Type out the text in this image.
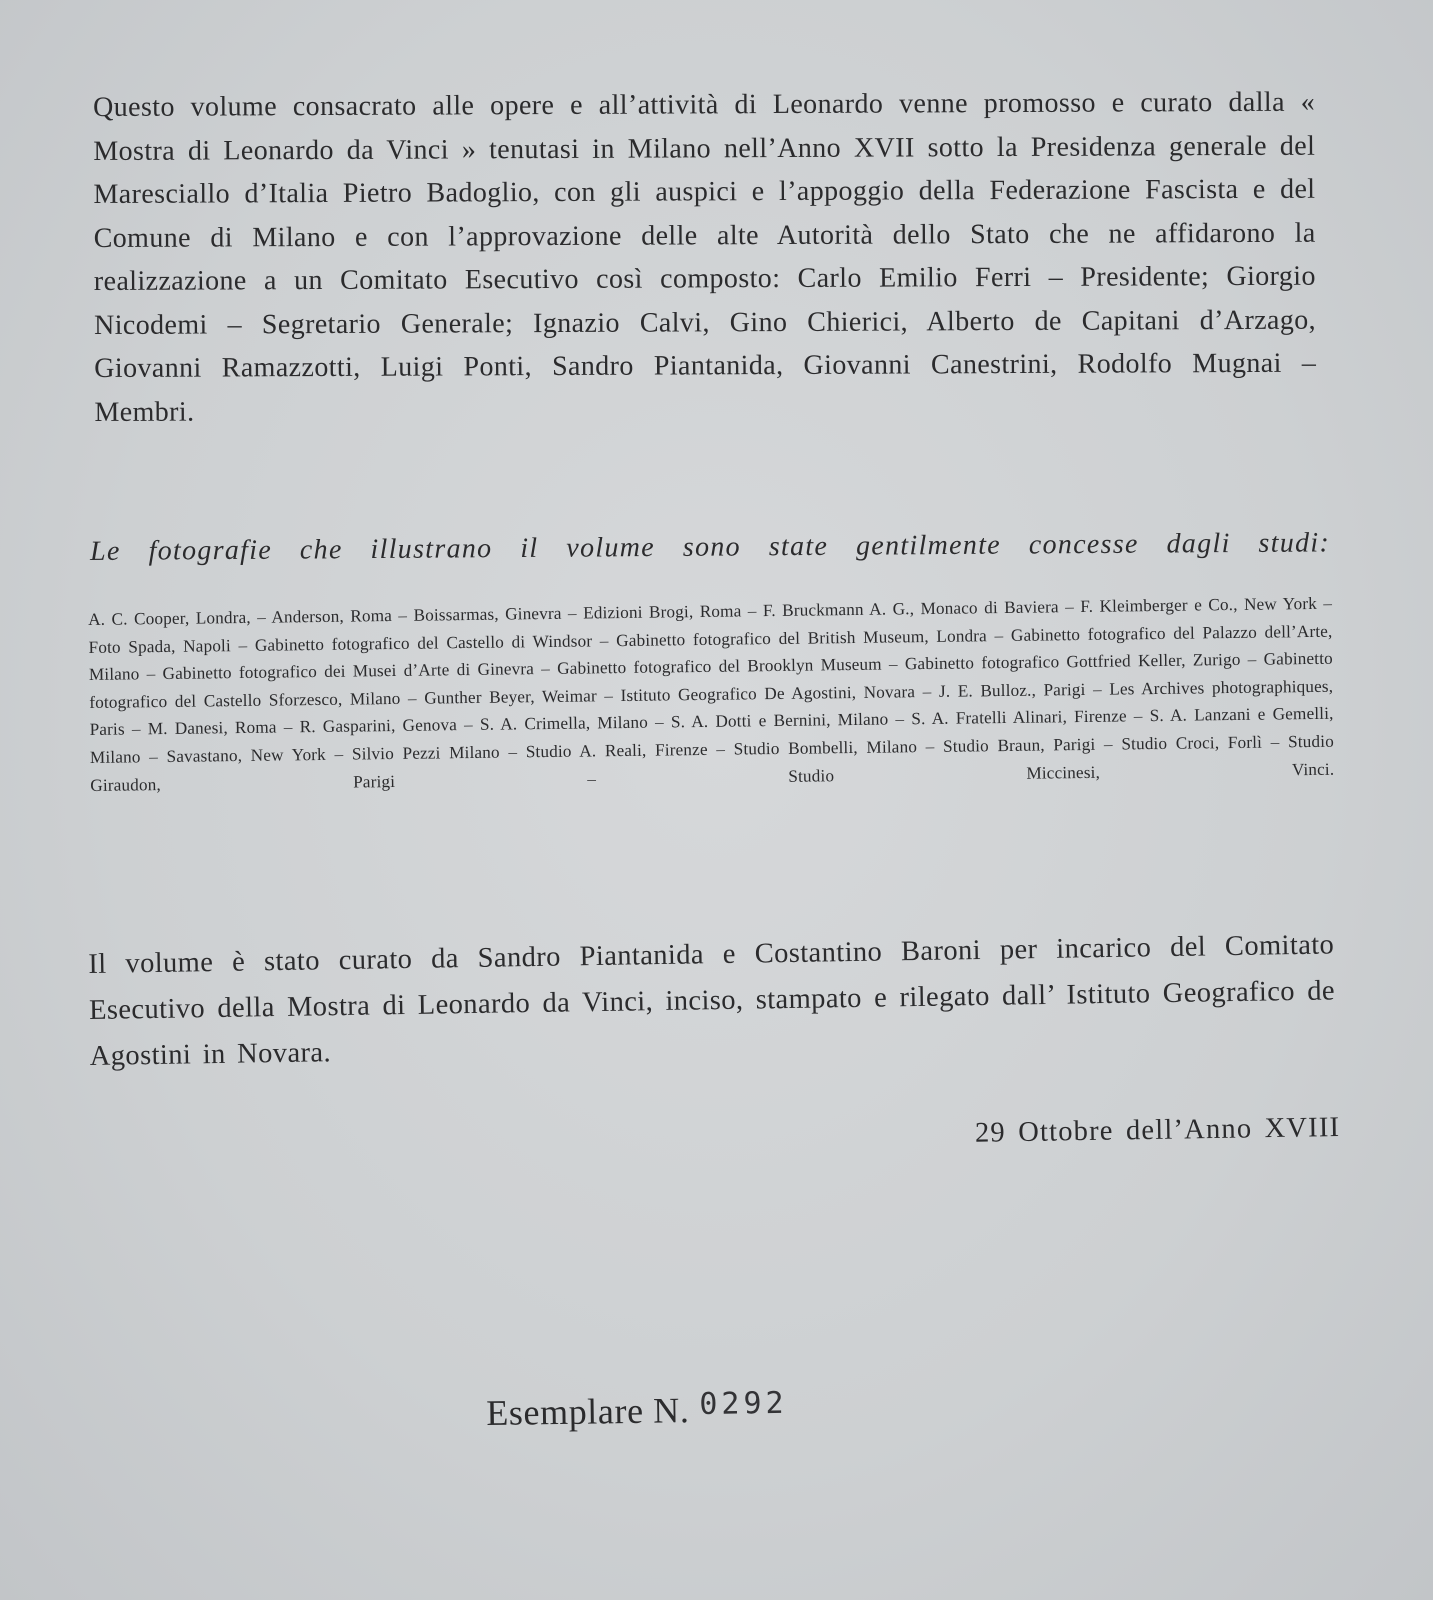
Questo volume consacrato alle opere e all’attività di Leonardo venne promosso e curato dalla « Mostra di Leonardo da Vinci » tenutasi in Milano nell’Anno XVII sotto la Presidenza generale del Maresciallo d’Italia Pietro Badoglio, con gli auspici e l’appoggio della Federazione Fascista e del Comune di Milano e con l’approvazione delle alte Autorità dello Stato che ne affidarono la realizzazione a un Comitato Esecutivo così composto: Carlo Emilio Ferri – Presidente; Giorgio Nicodemi – Segretario Generale; Ignazio Calvi, Gino Chierici, Alberto de Capitani d’Arzago, Giovanni Ramazzotti, Luigi Ponti, Sandro Piantanida, Giovanni Canestrini, Rodolfo Mugnai – Membri.

Le fotografie che illustrano il volume sono state gentilmente concesse dagli studi:

A. C. Cooper, Londra, – Anderson, Roma – Boissarmas, Ginevra – Edizioni Brogi, Roma – F. Bruckmann A. G., Monaco di Baviera – F. Kleimberger e Co., New York – Foto Spada, Napoli – Gabinetto fotografico del Castello di Windsor – Gabinetto fotografico del British Museum, Londra – Gabinetto fotografico del Palazzo dell’Arte, Milano – Gabinetto fotografico dei Musei d’Arte di Ginevra – Gabinetto fotografico del Brooklyn Museum – Gabinetto fotografico Gottfried Keller, Zurigo – Gabinetto fotografico del Castello Sforzesco, Milano – Gunther Beyer, Weimar – Istituto Geografico De Agostini, Novara – J. E. Bulloz., Parigi – Les Archives photographiques, Paris – M. Danesi, Roma – R. Gasparini, Genova – S. A. Crimella, Milano – S. A. Dotti e Bernini, Milano – S. A. Fratelli Alinari, Firenze – S. A. Lanzani e Gemelli, Milano – Savastano, New York – Silvio Pezzi Milano – Studio A. Reali, Firenze – Studio Bombelli, Milano – Studio Braun, Parigi – Studio Croci, Forlì – Studio Giraudon, Parigi – Studio Miccinesi, Vinci.

Il volume è stato curato da Sandro Piantanida e Costantino Baroni per incarico del Comitato Esecutivo della Mostra di Leonardo da Vinci, inciso, stampato e rilegato dall’ Istituto Geografico de Agostini in Novara.

29 Ottobre dell’Anno XVIII
Esemplare N. $^{0292}$
